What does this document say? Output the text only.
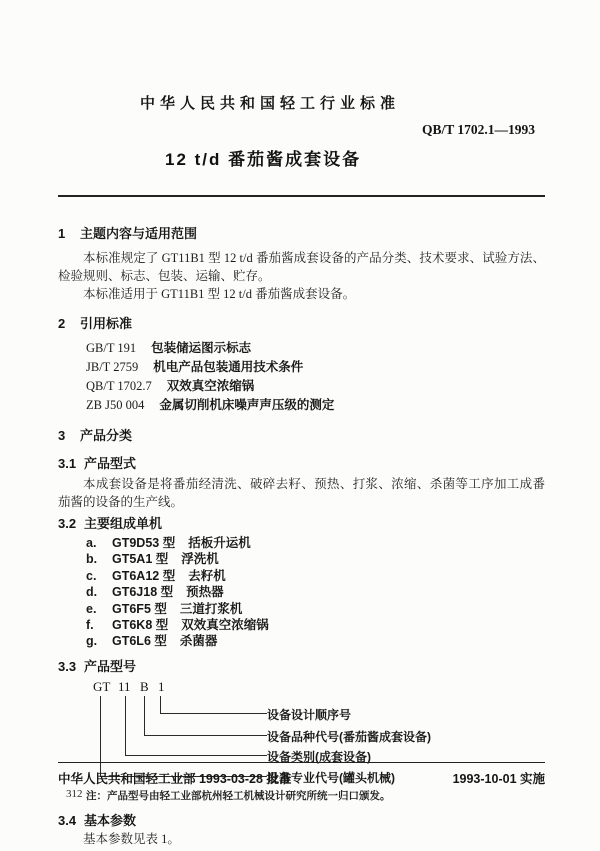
中华人民共和国轻工行业标准
QB/T 1702.1—1993
12 t/d 番茄酱成套设备
1 主题内容与适用范围

本标准规定了 GT11B1 型 12 t/d 番茄酱成套设备的产品分类、技术要求、试验方法、检验规则、标志、包装、运输、贮存。

本标准适用于 GT11B1 型 12 t/d 番茄酱成套设备。

2 引用标准
GB/T 191 包装储运图示标志
JB/T 2759 机电产品包装通用技术条件
QB/T 1702.7 双效真空浓缩锅
ZB J50 004 金属切削机床噪声声压级的测定
3 产品分类
3.1 产品型式

本成套设备是将番茄经清洗、破碎去籽、预热、打浆、浓缩、杀菌等工序加工成番茄酱的设备的生产线。

3.2 主要组成单机
a. GT9D53 型 括板升运机
b. GT5A1 型 浮洗机
c. GT6A12 型 去籽机
d. GT6J18 型 预热器
e. GT6F5 型 三道打浆机
f. GT6K8 型 双效真空浓缩锅
g. GT6L6 型 杀菌器
3.3 产品型号
GT 11 B 1
设备设计顺序号
设备品种代号(番茄酱成套设备)
设备类别(成套设备)
设备专业代号(罐头机械)
注：产品型号由轻工业部杭州轻工机械设计研究所统一归口颁发。
3.4 基本参数

基本参数见表 1。

中华人民共和国轻工业部 1993-03-28 批准	1993-10-01 实施
312
